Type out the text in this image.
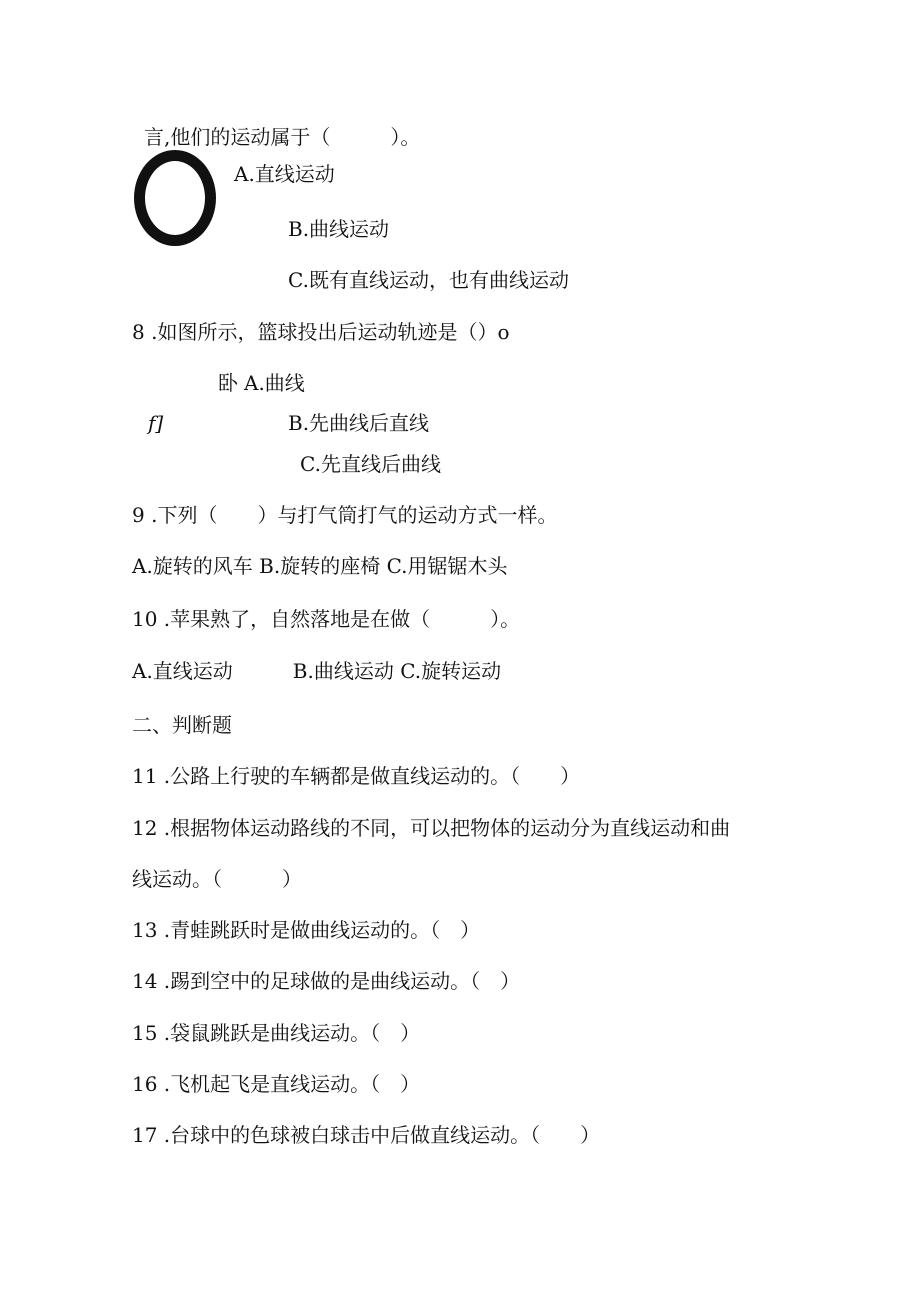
言,他们的运动属于（　　　）。
A.直线运动
B.曲线运动
C.既有直线运动，也有曲线运动
8 .如图所示，篮球投出后运动轨迹是（）o
卧 A.曲线
f]	B.先曲线后直线
C.先直线后曲线
9 .下列（　　）与打气筒打气的运动方式一样。
A.旋转的风车 B.旋转的座椅 C.用锯锯木头
10 .苹果熟了，自然落地是在做（　　　）。
A.直线运动　　　B.曲线运动 C.旋转运动
二、判断题
11 .公路上行驶的车辆都是做直线运动的。（　　）
12 .根据物体运动路线的不同，可以把物体的运动分为直线运动和曲
线运动。（　　　）
13 .青蛙跳跃时是做曲线运动的。（　）
14 .踢到空中的足球做的是曲线运动。（　）
15 .袋鼠跳跃是曲线运动。（　）
16 .飞机起飞是直线运动。（　）
17 .台球中的色球被白球击中后做直线运动。（　　）
